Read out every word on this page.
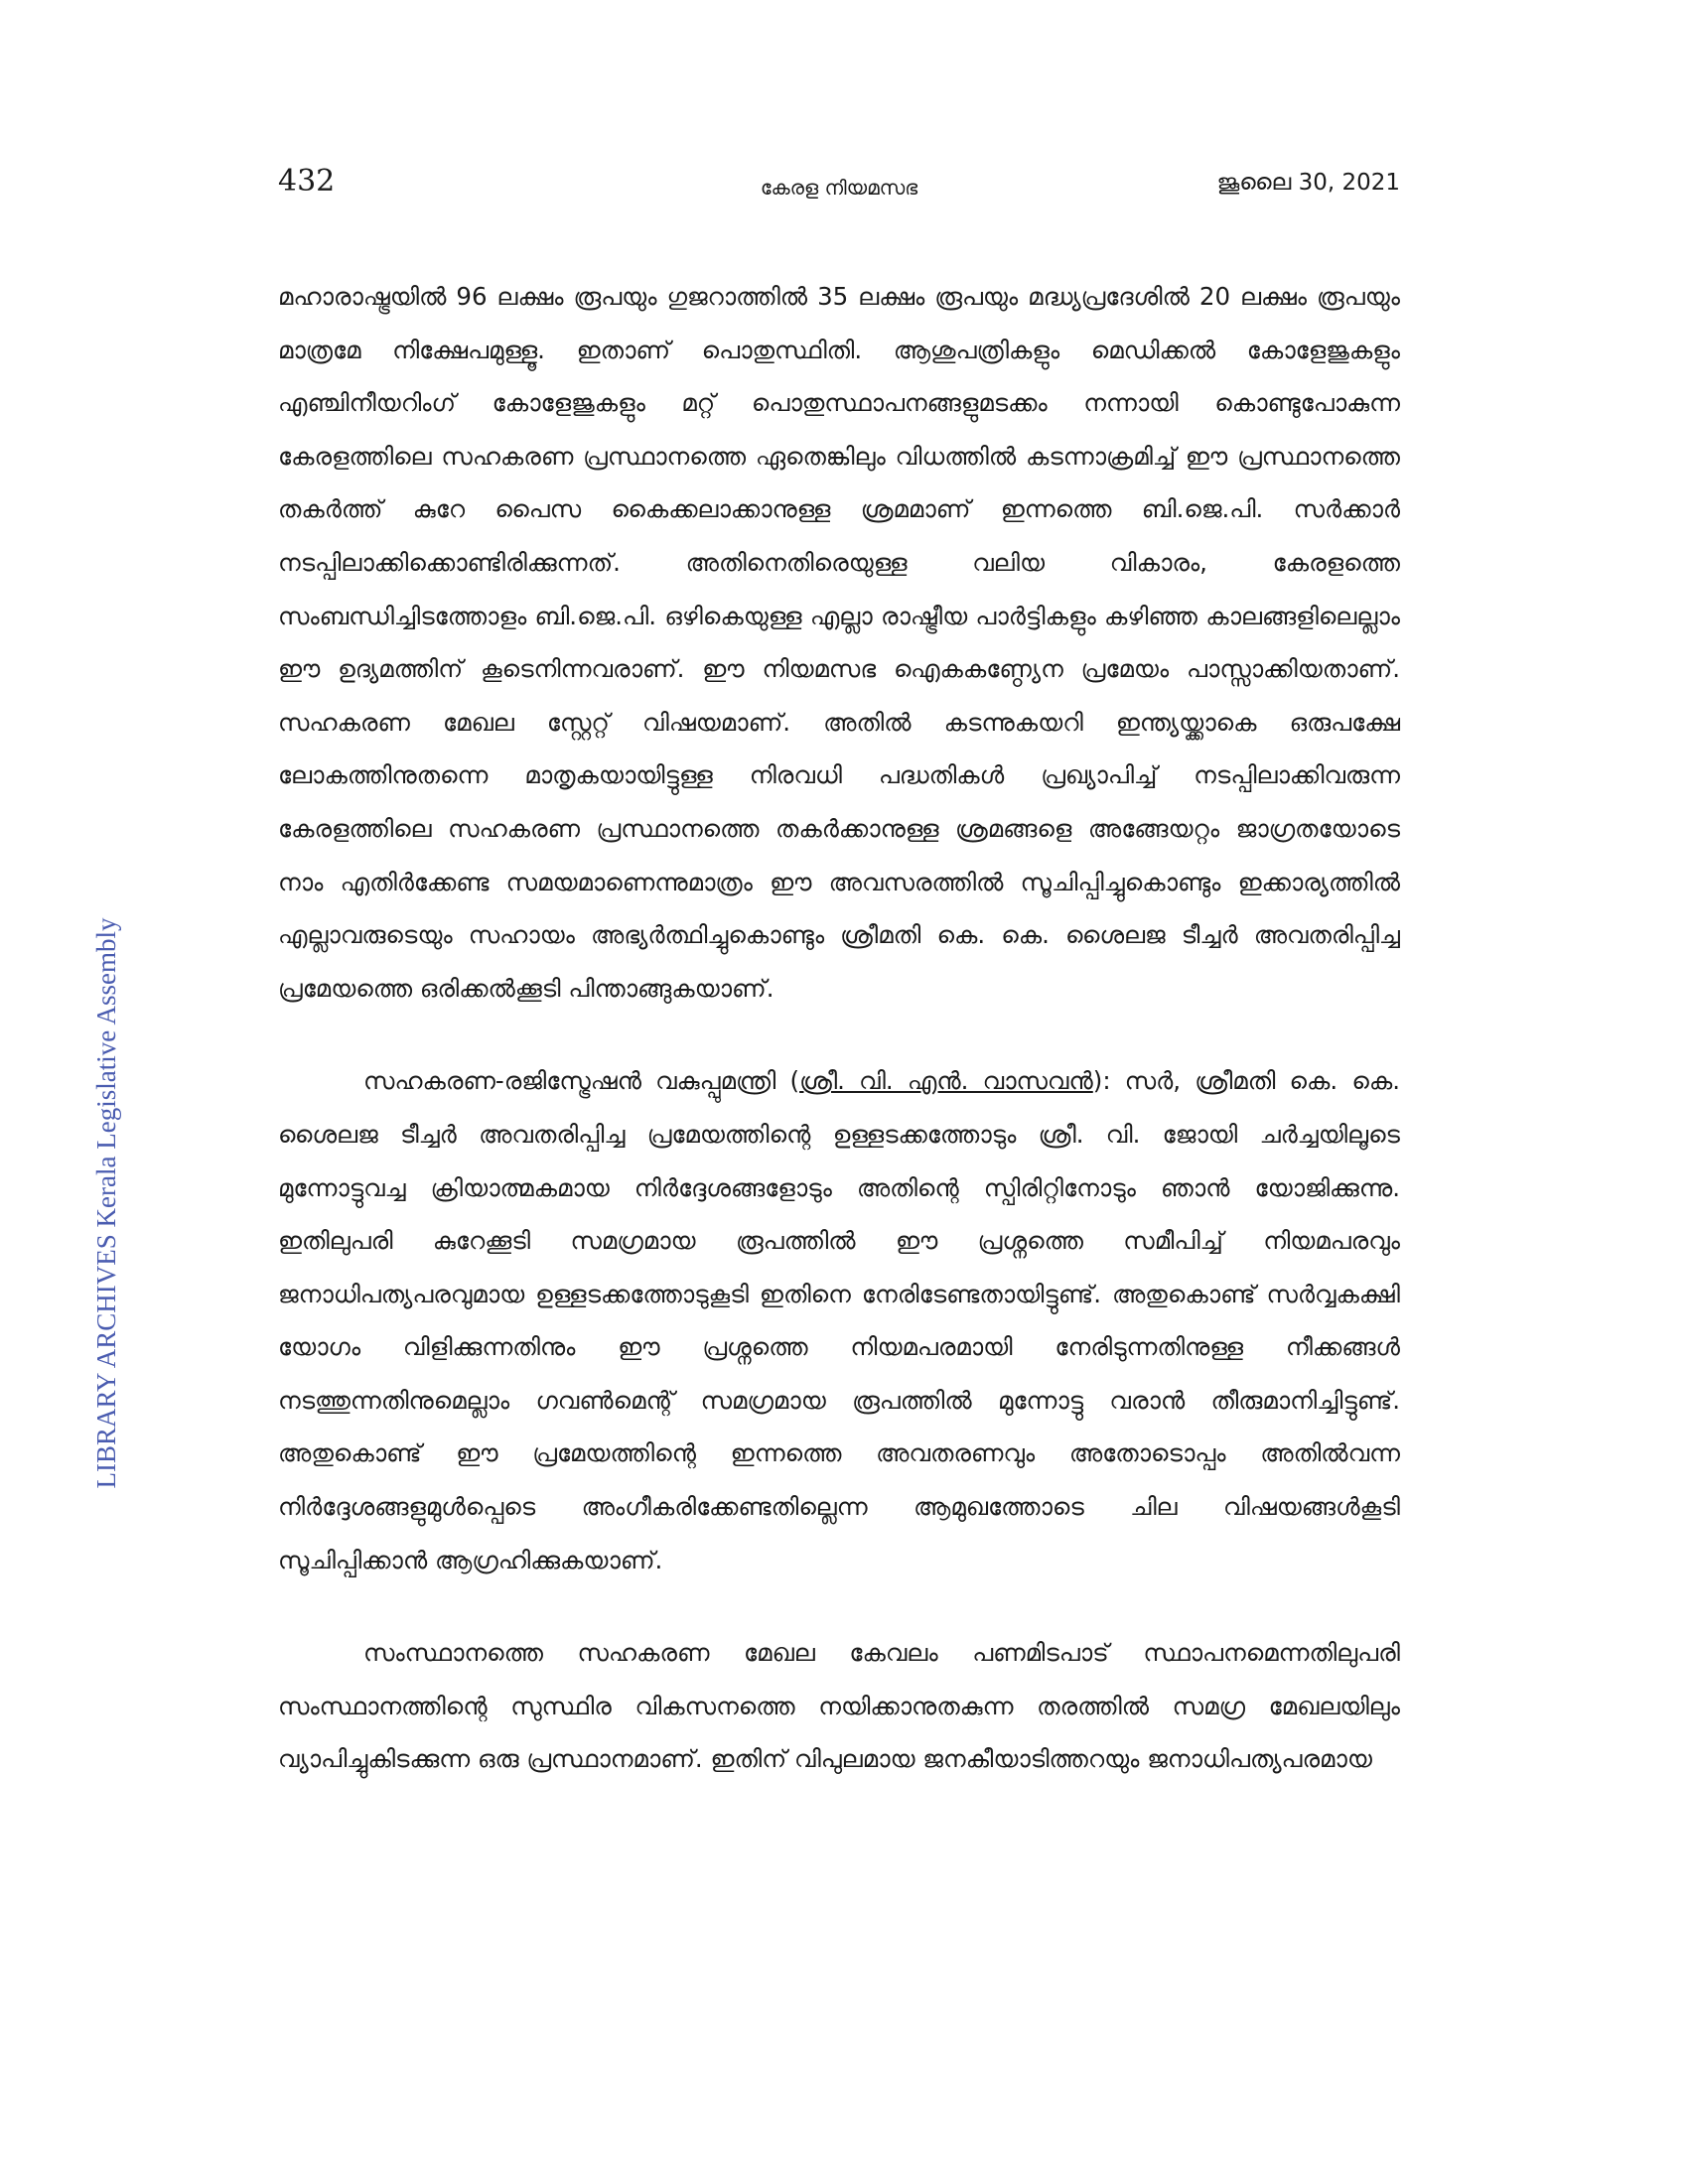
432	കേരള നിയമസഭ	ജൂലൈ 30, 2021
LIBRARY ARCHIVES Kerala Legislative Assembly

മഹാരാഷ്ട്രയിൽ 96 ലക്ഷം രൂപയും ഗുജറാത്തിൽ 35 ലക്ഷം രൂപയും മദ്ധ്യപ്രദേശിൽ 20 ലക്ഷം രൂപയും മാത്രമേ നിക്ഷേപമുള്ളൂ. ഇതാണ് പൊതുസ്ഥിതി. ആശുപത്രികളും മെഡിക്കൽ കോളേജുകളും എഞ്ചിനീയറിംഗ് കോളേജുകളും മറ്റ് പൊതുസ്ഥാപനങ്ങളുമടക്കം നന്നായി കൊണ്ടുപോകുന്ന കേരളത്തിലെ സഹകരണ പ്രസ്ഥാനത്തെ ഏതെങ്കിലും വിധത്തിൽ കടന്നാക്രമിച്ച് ഈ പ്രസ്ഥാനത്തെ തകർത്ത് കുറേ പൈസ കൈക്കലാക്കാനുള്ള ശ്രമമാണ് ഇന്നത്തെ ബി.ജെ.പി. സർക്കാർ നടപ്പിലാക്കിക്കൊണ്ടിരിക്കുന്നത്. അതിനെതിരെയുള്ള വലിയ വികാരം, കേരളത്തെ സംബന്ധിച്ചിടത്തോളം ബി.ജെ.പി. ഒഴികെയുള്ള എല്ലാ രാഷ്ട്രീയ പാർട്ടികളും കഴിഞ്ഞ കാലങ്ങളിലെല്ലാം ഈ ഉദ്യമത്തിന് കൂടെനിന്നവരാണ്. ഈ നിയമസഭ ഐകകണ്ഠ്യേന പ്രമേയം പാസ്സാക്കിയതാണ്. സഹകരണ മേഖല സ്റ്റേറ്റ് വിഷയമാണ്. അതിൽ കടന്നുകയറി ഇന്ത്യയ്ക്കാകെ ഒരുപക്ഷേ ലോകത്തിനുതന്നെ മാതൃകയായിട്ടുള്ള നിരവധി പദ്ധതികൾ പ്രഖ്യാപിച്ച് നടപ്പിലാക്കിവരുന്ന കേരളത്തിലെ സഹകരണ പ്രസ്ഥാനത്തെ തകർക്കാനുള്ള ശ്രമങ്ങളെ അങ്ങേയറ്റം ജാഗ്രതയോടെ നാം എതിർക്കേണ്ട സമയമാണെന്നുമാത്രം ഈ അവസരത്തിൽ സൂചിപ്പിച്ചുകൊണ്ടും ഇക്കാര്യത്തിൽ എല്ലാവരുടെയും സഹായം അഭ്യർത്ഥിച്ചുകൊണ്ടും ശ്രീമതി കെ. കെ. ശൈലജ ടീച്ചർ അവതരിപ്പിച്ച പ്രമേയത്തെ ഒരിക്കൽക്കൂടി പിന്താങ്ങുകയാണ്.

സഹകരണ-രജിസ്ട്രേഷൻ വകുപ്പുമന്ത്രി (ശ്രീ. വി. എൻ. വാസവൻ): സർ, ശ്രീമതി കെ. കെ. ശൈലജ ടീച്ചർ അവതരിപ്പിച്ച പ്രമേയത്തിന്റെ ഉള്ളടക്കത്തോടും ശ്രീ. വി. ജോയി ചർച്ചയിലൂടെ മുന്നോട്ടുവച്ച ക്രിയാത്മകമായ നിർദ്ദേശങ്ങളോടും അതിന്റെ സ്പിരിറ്റിനോടും ഞാൻ യോജിക്കുന്നു. ഇതിലുപരി കുറേക്കൂടി സമഗ്രമായ രൂപത്തിൽ ഈ പ്രശ്നത്തെ സമീപിച്ച് നിയമപരവും ജനാധിപത്യപരവുമായ ഉള്ളടക്കത്തോടുകൂടി ഇതിനെ നേരിടേണ്ടതായിട്ടുണ്ട്. അതുകൊണ്ട് സർവ്വകക്ഷി യോഗം വിളിക്കുന്നതിനും ഈ പ്രശ്നത്തെ നിയമപരമായി നേരിടുന്നതിനുള്ള നീക്കങ്ങൾ നടത്തുന്നതിനുമെല്ലാം ഗവൺമെന്റ് സമഗ്രമായ രൂപത്തിൽ മുന്നോട്ടു വരാൻ തീരുമാനിച്ചിട്ടുണ്ട്. അതുകൊണ്ട് ഈ പ്രമേയത്തിന്റെ ഇന്നത്തെ അവതരണവും അതോടൊപ്പം അതിൽവന്ന നിർദ്ദേശങ്ങളുമുൾപ്പെടെ അംഗീകരിക്കേണ്ടതില്ലെന്ന ആമുഖത്തോടെ ചില വിഷയങ്ങൾകൂടി സൂചിപ്പിക്കാൻ ആഗ്രഹിക്കുകയാണ്.

സംസ്ഥാനത്തെ സഹകരണ മേഖല കേവലം പണമിടപാട് സ്ഥാപനമെന്നതിലുപരി സംസ്ഥാനത്തിന്റെ സുസ്ഥിര വികസനത്തെ നയിക്കാനുതകുന്ന തരത്തിൽ സമഗ്ര മേഖലയിലും വ്യാപിച്ചുകിടക്കുന്ന ഒരു പ്രസ്ഥാനമാണ്. ഇതിന് വിപുലമായ ജനകീയാടിത്തറയും ജനാധിപത്യപരമായ
